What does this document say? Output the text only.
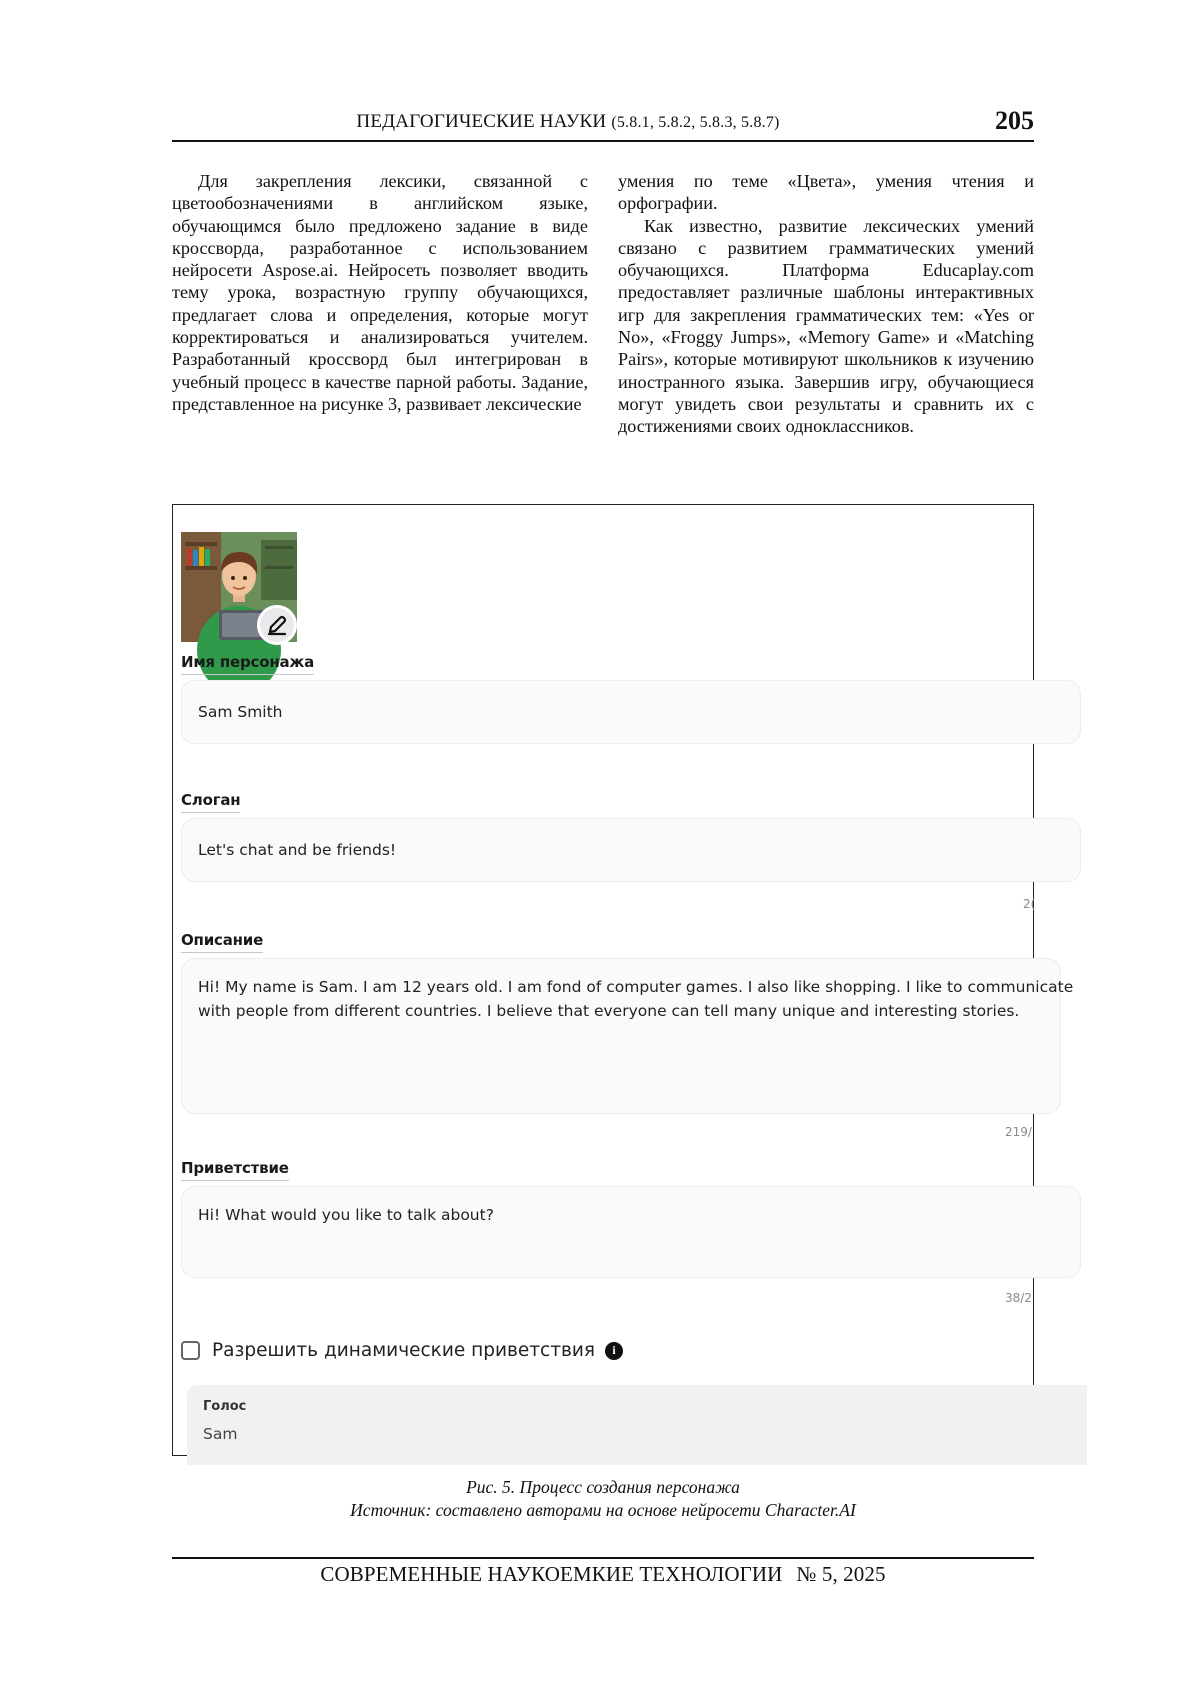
ПЕДАГОГИЧЕСКИЕ НАУКИ (5.8.1, 5.8.2, 5.8.3, 5.8.7)	205

Для закрепления лексики, связанной с цветообозначениями в английском языке, обучающимся было предложено задание в виде кроссворда, разработанное с использованием нейросети Aspose.ai. Нейросеть позволяет вводить тему урока, возрастную группу обучающихся, предлагает слова и определения, которые могут корректироваться и анализироваться учителем. Разработанный кроссворд был интегрирован в учебный процесс в качестве парной работы. Задание, представленное на рисунке 3, развивает лексические

умения по теме «Цвета», умения чтения и орфографии.

Как известно, развитие лексических умений связано с развитием грамматических умений обучающихся. Платформа Educaplay.com предоставляет различные шаблоны интерактивных игр для закрепления грамматических тем: «Yes or No», «Froggy Jumps», «Memory Game» и «Matching Pairs», которые мотивируют школьников к изучению иностранного языка. Завершив игру, обучающиеся могут увидеть свои результаты и сравнить их с достижениями своих одноклассников.

Имя персонажа
Sam Smith
Слоган
Let's chat and be friends!
2(
Описание
Hi! My name is Sam. I am 12 years old. I am fond of computer games. I also like shopping. I like to communicate with people from different countries. I believe that everyone can tell many unique and interesting stories.
219/
Приветствие
Hi! What would you like to talk about?
38/2
Разрешить динамические приветствия	i
Голос
Sam
Рис. 5. Процесс создания персонажа
Источник: составлено авторами на основе нейросети Character.AI
СОВРЕМЕННЫЕ НАУКОЕМКИЕ ТЕХНОЛОГИИ № 5, 2025
